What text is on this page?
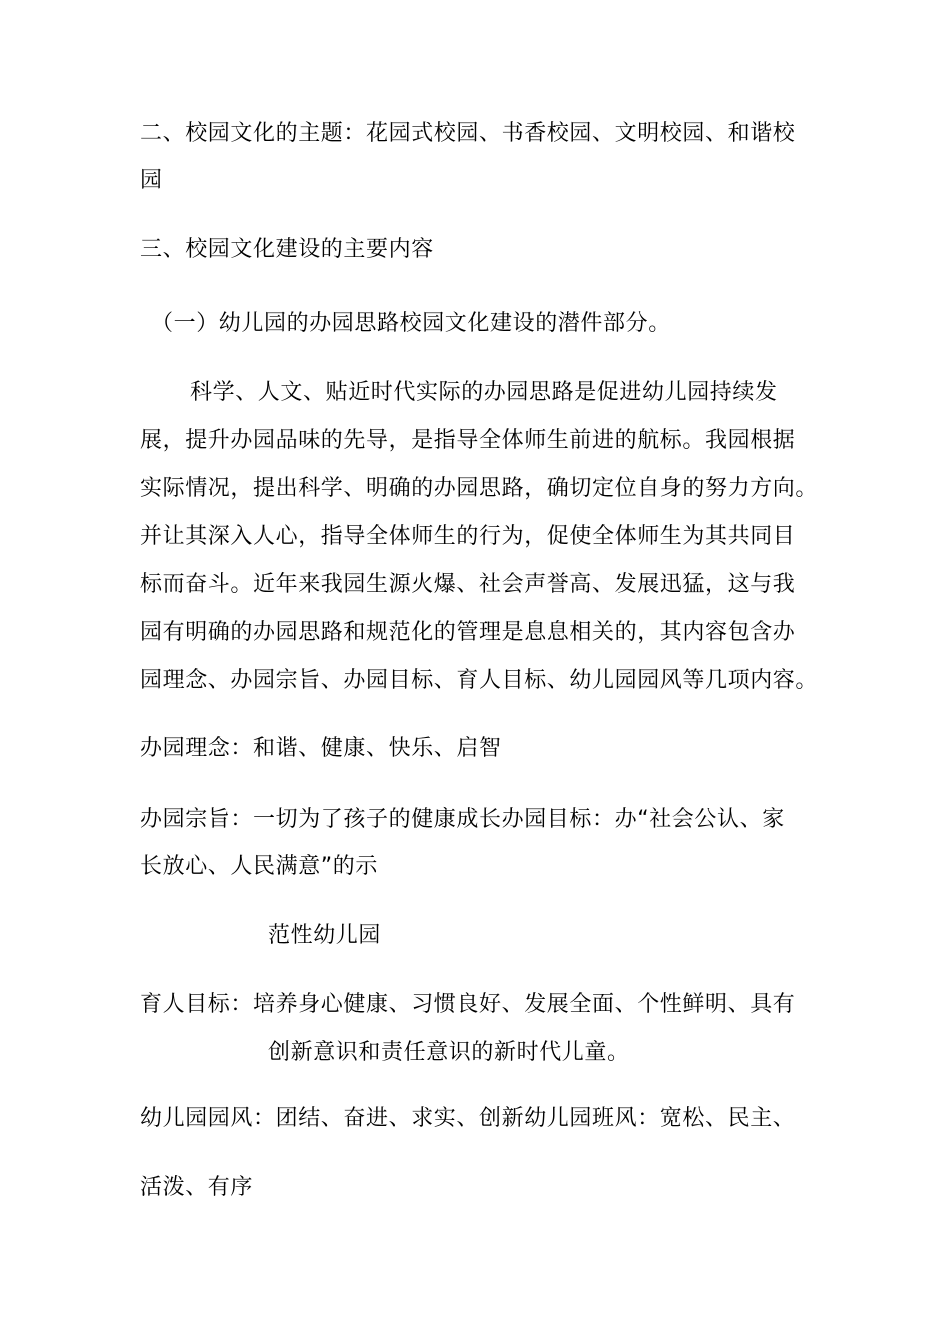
二、校园文化的主题：花园式校园、书香校园、文明校园、和谐校
园
三、校园文化建设的主要内容
（一）幼儿园的办园思路校园文化建设的潜件部分。
科学、人文、贴近时代实际的办园思路是促进幼儿园持续发
展，提升办园品味的先导，是指导全体师生前进的航标。我园根据
实际情况，提出科学、明确的办园思路，确切定位自身的努力方向。
并让其深入人心，指导全体师生的行为，促使全体师生为其共同目
标而奋斗。近年来我园生源火爆、社会声誉高、发展迅猛，这与我
园有明确的办园思路和规范化的管理是息息相关的，其内容包含办
园理念、办园宗旨、办园目标、育人目标、幼儿园园风等几项内容。
办园理念：和谐、健康、快乐、启智
办园宗旨：一切为了孩子的健康成长办园目标：办“社会公认、家
长放心、人民满意”的示
范性幼儿园
育人目标：培养身心健康、习惯良好、发展全面、个性鲜明、具有
创新意识和责任意识的新时代儿童。
幼儿园园风：团结、奋进、求实、创新幼儿园班风：宽松、民主、
活泼、有序
